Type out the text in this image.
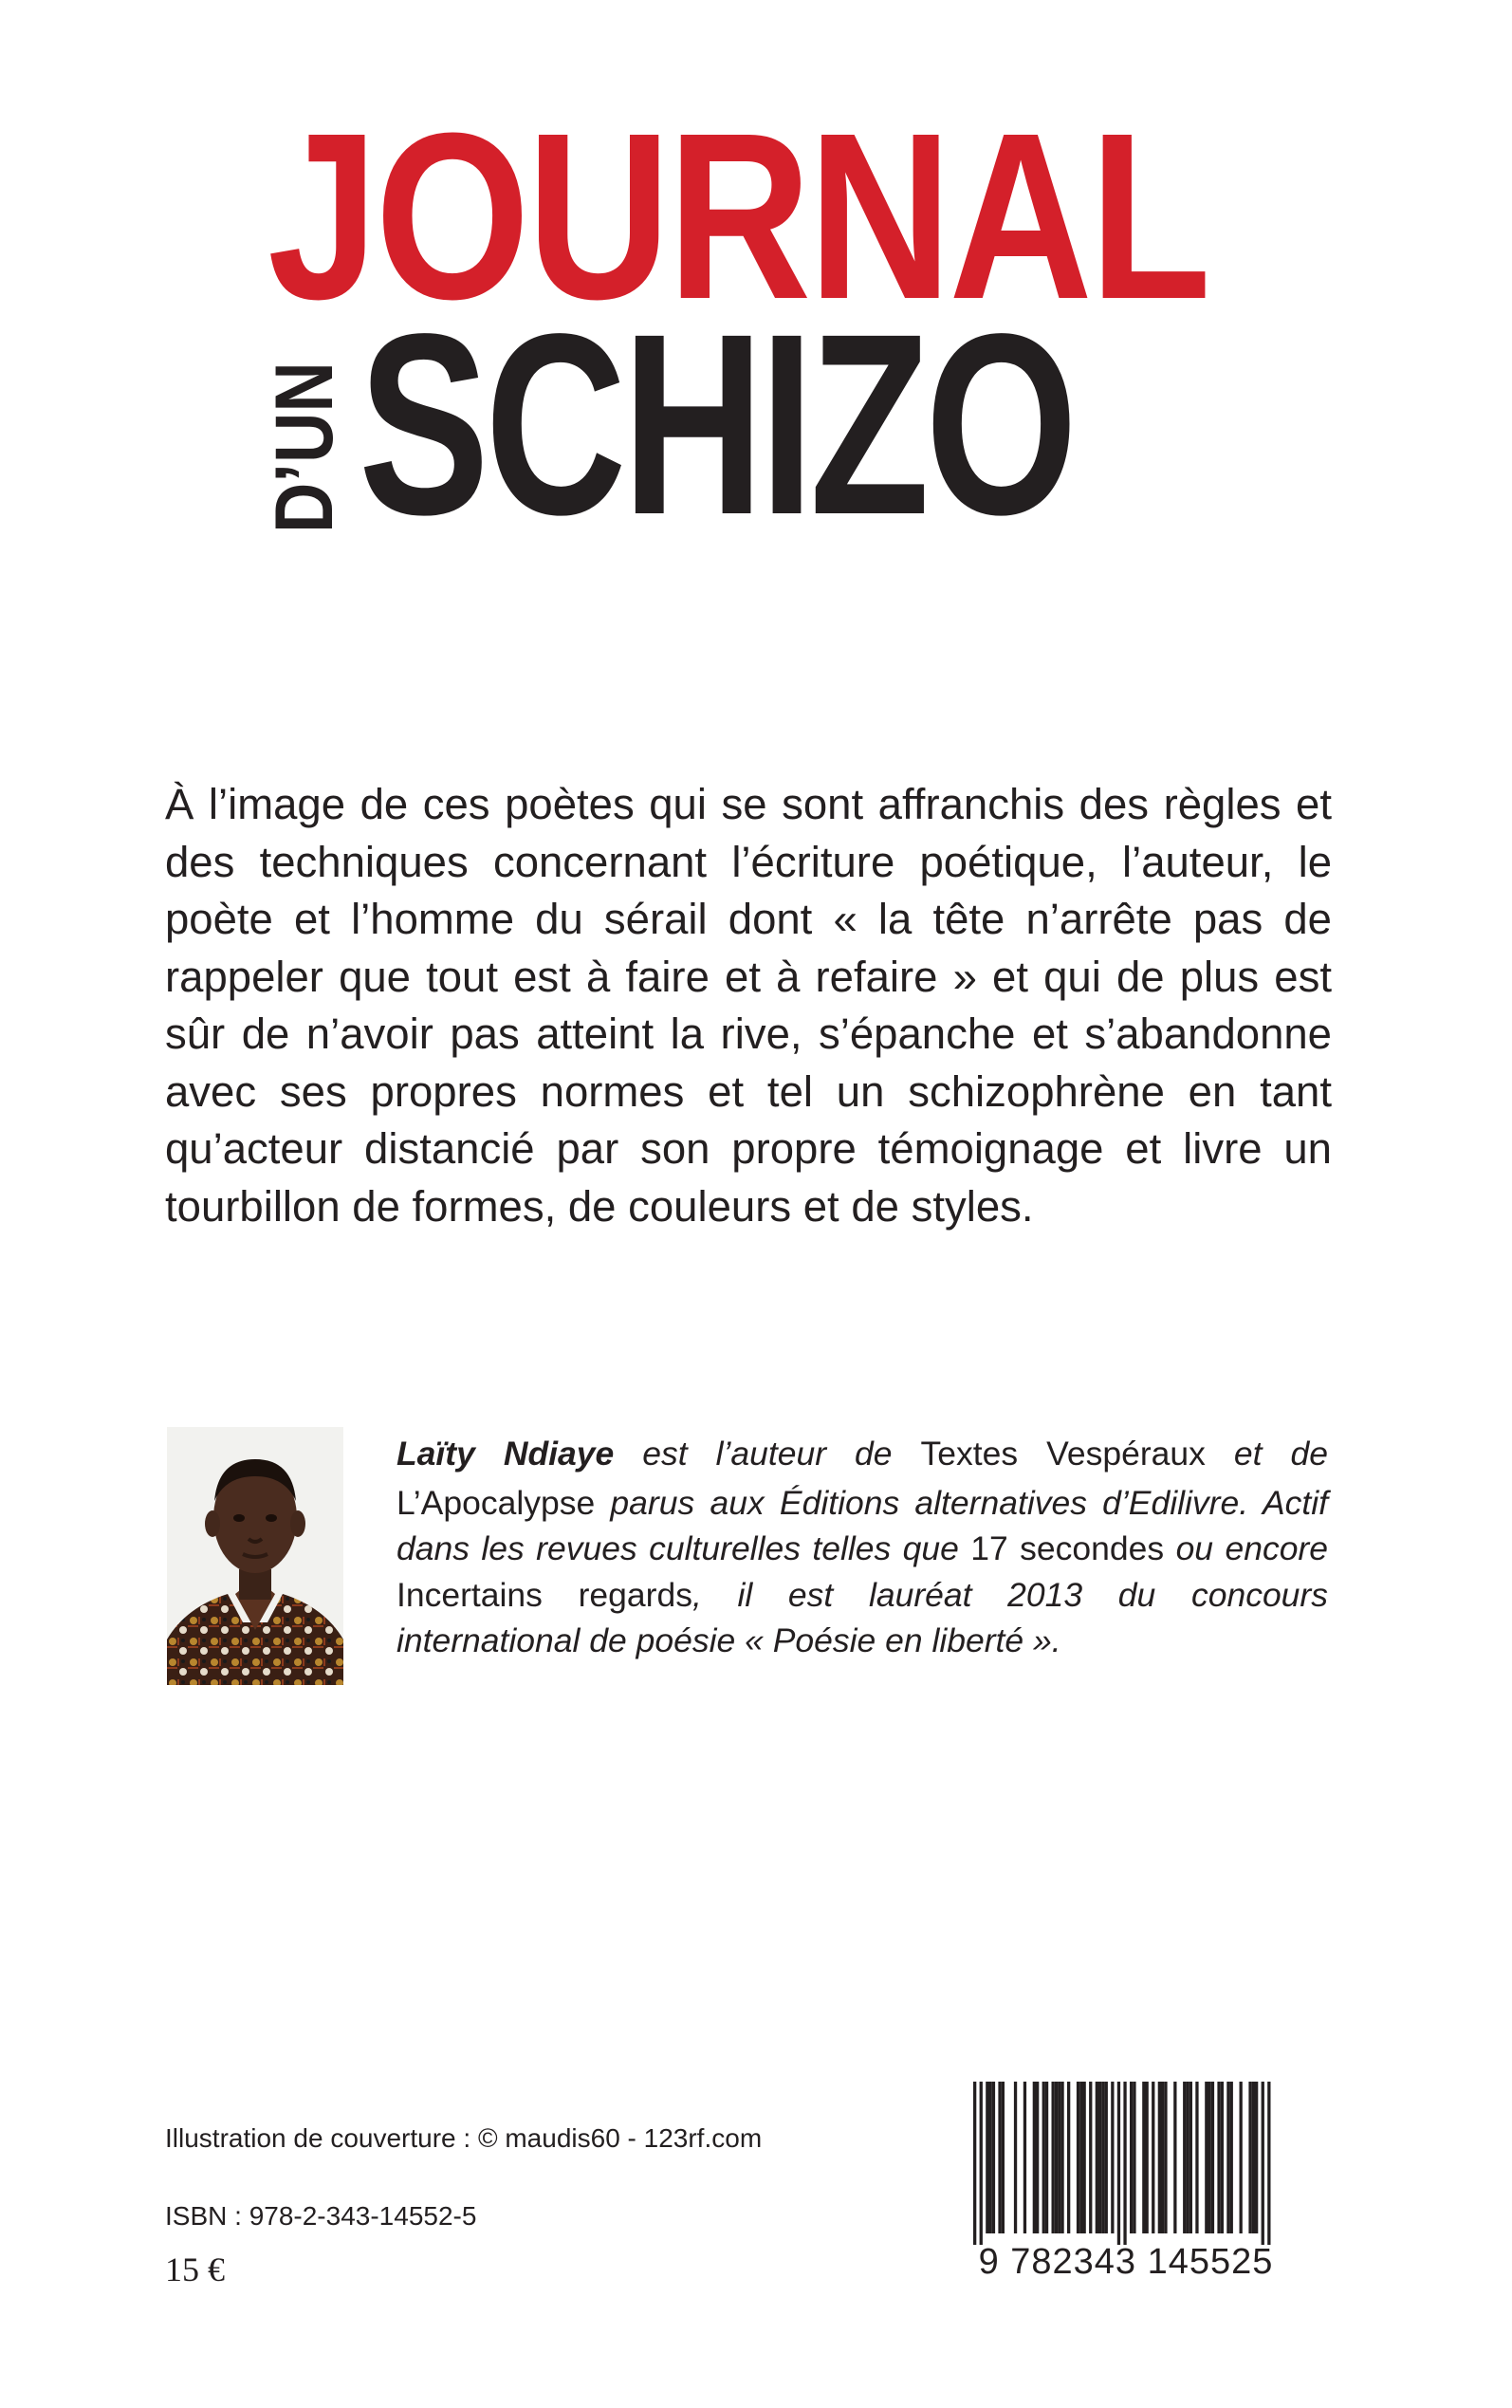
JOURNAL
D’UN SCHIZO

À l’image de ces poètes qui se sont affranchis des règles et des techniques concernant l’écriture poétique, l’auteur, le poète et l’homme du sérail dont « la tête n’arrête pas de rappeler que tout est à faire et à refaire » et qui de plus est sûr de n’avoir pas atteint la rive, s’épanche et s’abandonne avec ses propres normes et tel un schizophrène en tant qu’acteur distancié par son propre témoignage et livre un tourbillon de formes, de couleurs et de styles.

Laïty Ndiaye est l’auteur de Textes Vespéraux et de L’Apocalypse parus aux Éditions alternatives d’Edilivre. Actif dans les revues culturelles telles que 17 secondes ou encore Incertains regards, il est lauréat 2013 du concours international de poésie « Poésie en liberté ».

Illustration de couverture : © maudis60 - 123rf.com

ISBN : 978-2-343-14552-5

15 €	9 782343 145525
